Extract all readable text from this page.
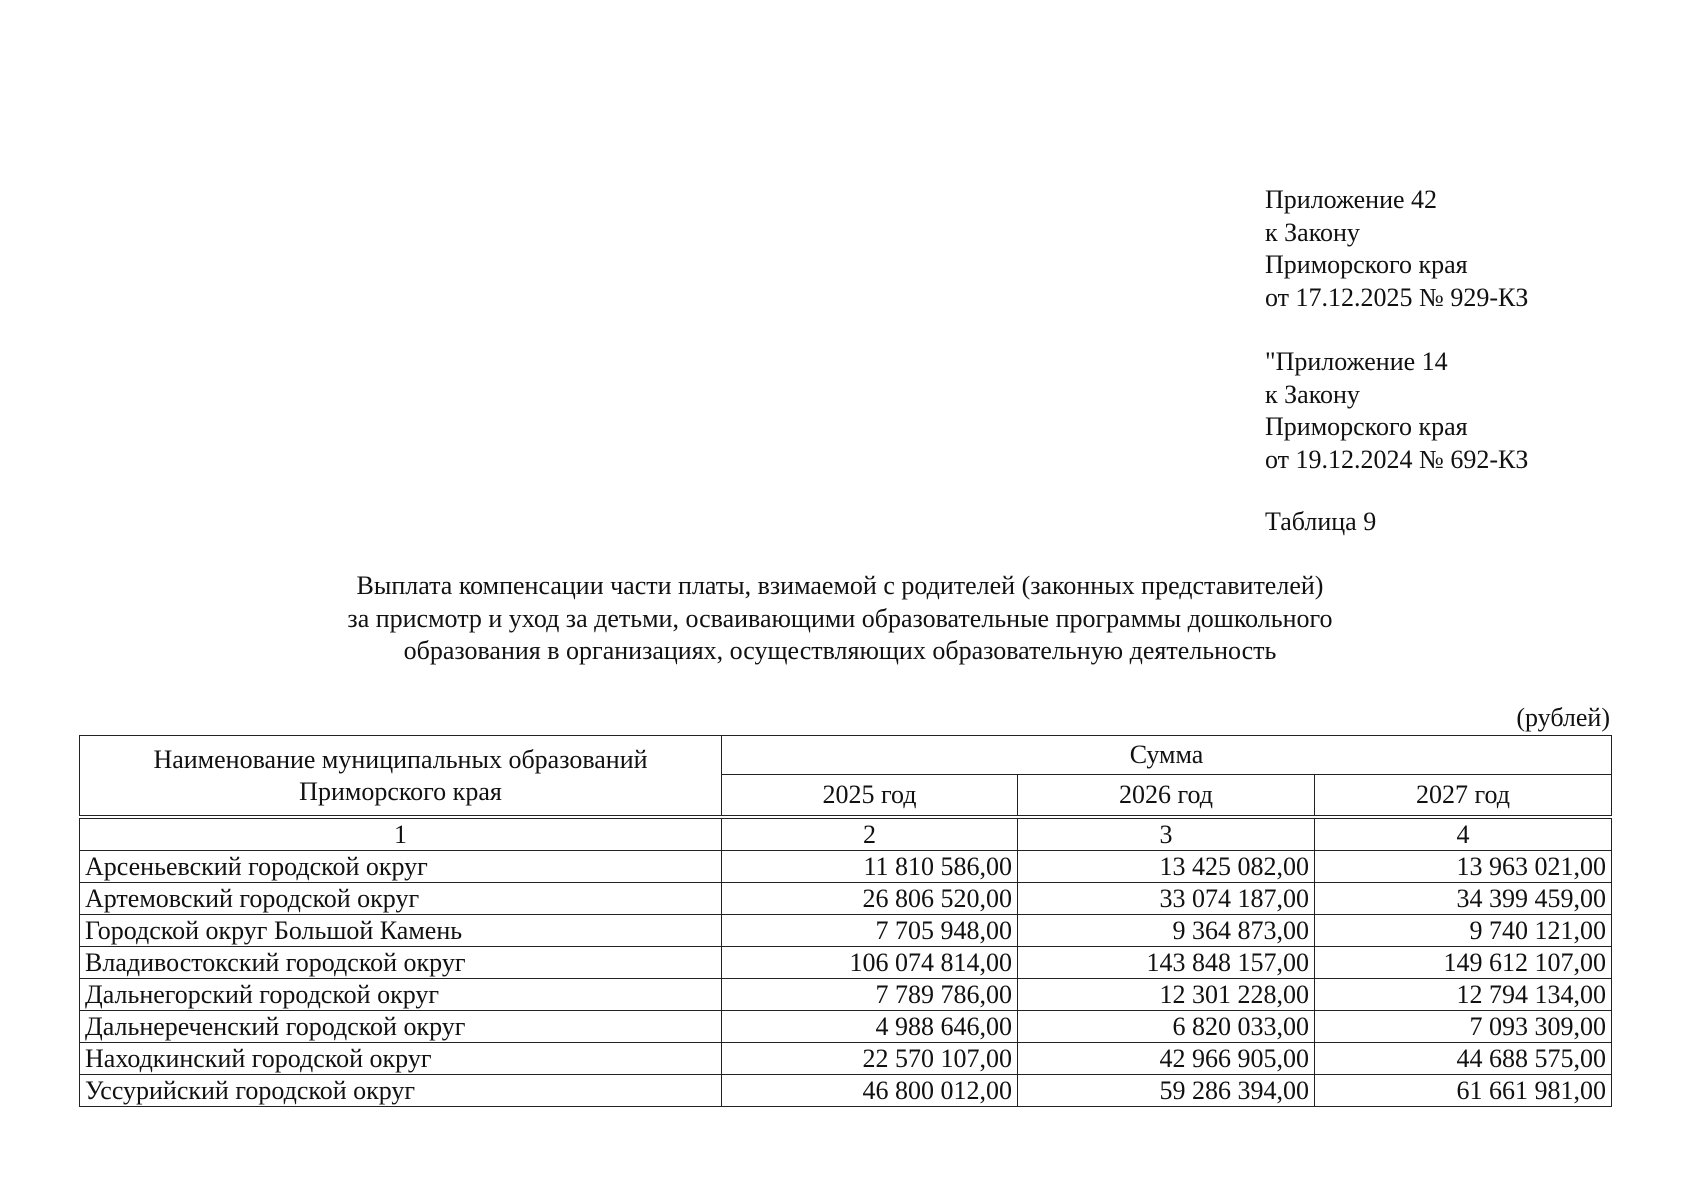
Приложение 42
к Закону
Приморского края
от 17.12.2025 № 929-КЗ
"Приложение 14
к Закону
Приморского края
от 19.12.2024 № 692-КЗ
Таблица 9
Выплата компенсации части платы, взимаемой с родителей (законных представителей)
за присмотр и уход за детьми, осваивающими образовательные программы дошкольного
образования в организациях, осуществляющих образовательную деятельность
(рублей)
Наименование муниципальных образований
Приморского края	Сумма		
	2025 год	2026 год	2027 год

1	2	3	4
Арсеньевский городской округ	11 810 586,00	13 425 082,00	13 963 021,00
Артемовский городской округ	26 806 520,00	33 074 187,00	34 399 459,00
Городской округ Большой Камень	7 705 948,00	9 364 873,00	9 740 121,00
Владивостокский городской округ	106 074 814,00	143 848 157,00	149 612 107,00
Дальнегорский городской округ	7 789 786,00	12 301 228,00	12 794 134,00
Дальнереченский городской округ	4 988 646,00	6 820 033,00	7 093 309,00
Находкинский городской округ	22 570 107,00	42 966 905,00	44 688 575,00
Уссурийский городской округ	46 800 012,00	59 286 394,00	61 661 981,00
